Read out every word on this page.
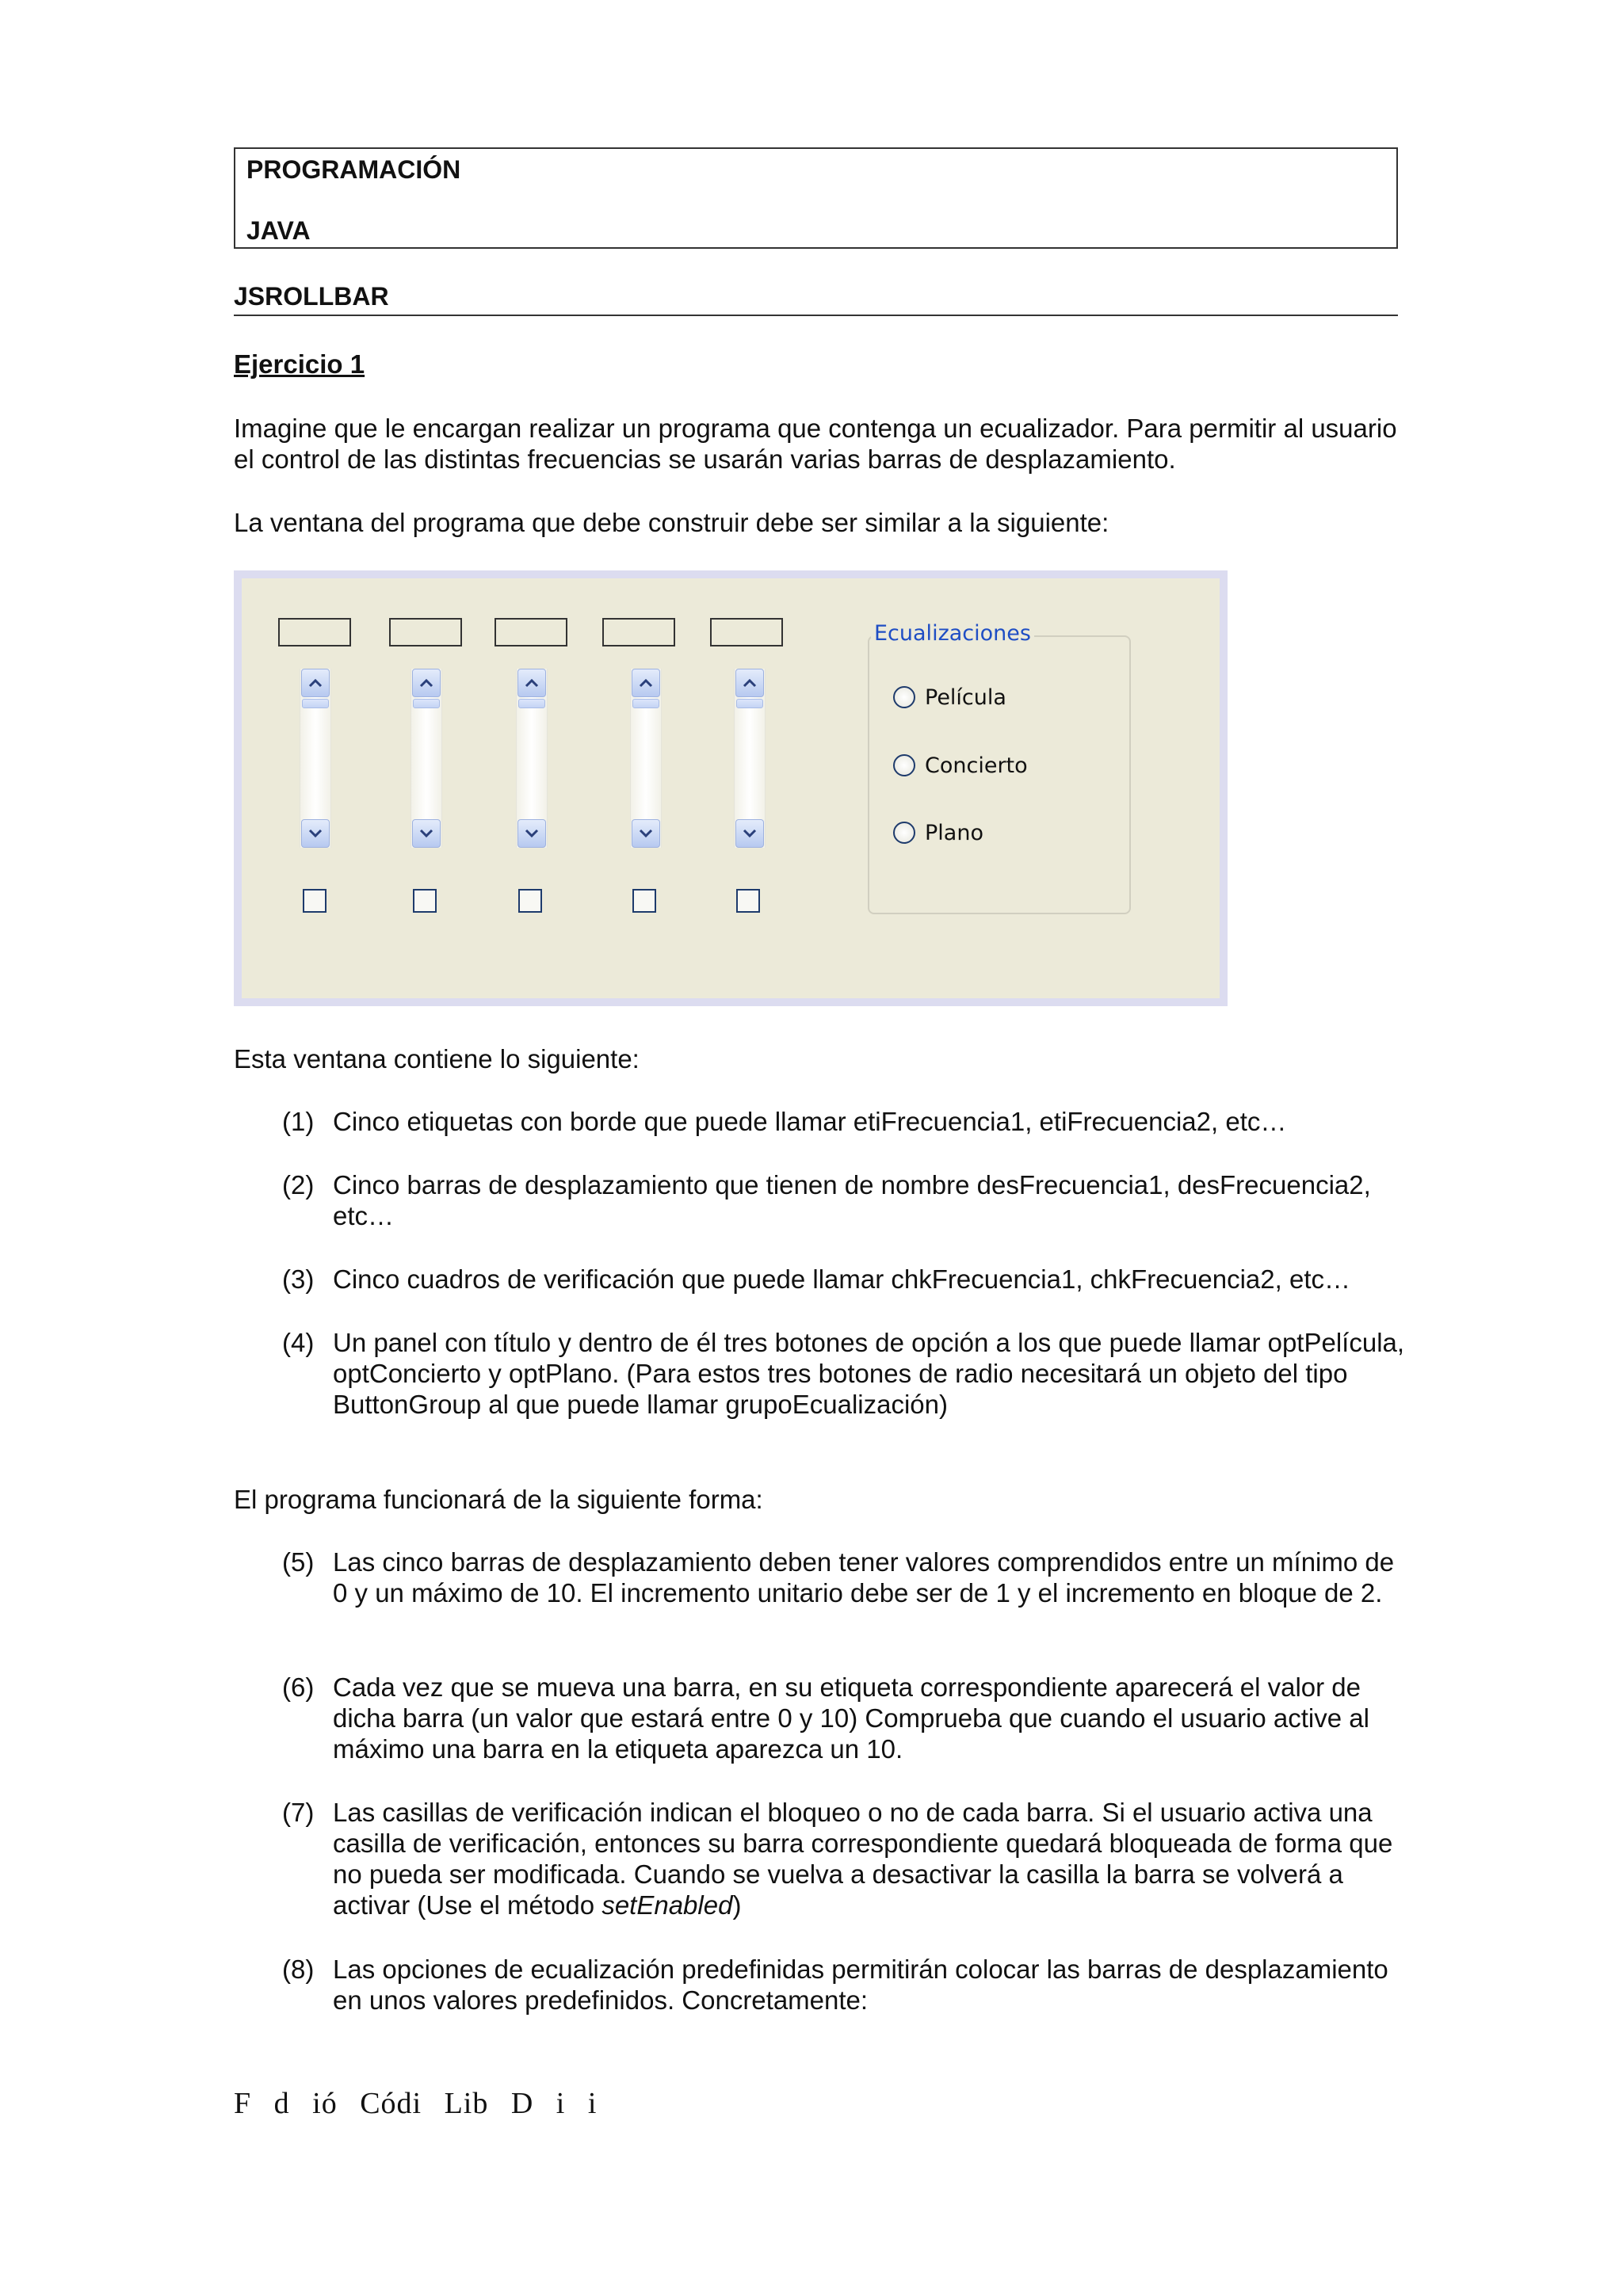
PROGRAMACIÓN
JAVA
JSROLLBAR
Ejercicio 1
Imagine que le encargan realizar un programa que contenga un ecualizador. Para permitir al usuario el control de las distintas frecuencias se usarán varias barras de desplazamiento.
La ventana del programa que debe construir debe ser similar a la siguiente:
Ecualizaciones
Película
Concierto
Plano
Esta ventana contiene lo siguiente:
(1) Cinco etiquetas con borde que puede llamar etiFrecuencia1, etiFrecuencia2, etc…
(2) Cinco barras de desplazamiento que tienen de nombre desFrecuencia1, desFrecuencia2, etc…
(3) Cinco cuadros de verificación que puede llamar chkFrecuencia1, chkFrecuencia2, etc…
(4) Un panel con título y dentro de él tres botones de opción a los que puede llamar optPelícula, optConcierto y optPlano. (Para estos tres botones de radio necesitará un objeto del tipo ButtonGroup al que puede llamar grupoEcualización)
El programa funcionará de la siguiente forma:
(5) Las cinco barras de desplazamiento deben tener valores comprendidos entre un mínimo de 0 y un máximo de 10. El incremento unitario debe ser de 1 y el incremento en bloque de 2.
(6) Cada vez que se mueva una barra, en su etiqueta correspondiente aparecerá el valor de dicha barra (un valor que estará entre 0 y 10) Comprueba que cuando el usuario active al máximo una barra en la etiqueta aparezca un 10.
(7) Las casillas de verificación indican el bloqueo o no de cada barra. Si el usuario activa una casilla de verificación, entonces su barra correspondiente quedará bloqueada de forma que no pueda ser modificada. Cuando se vuelva a desactivar la casilla la barra se volverá a activar (Use el método setEnabled)
(8) Las opciones de ecualización predefinidas permitirán colocar las barras de desplazamiento en unos valores predefinidos. Concretamente:
F d ió Códi Lib D i i
